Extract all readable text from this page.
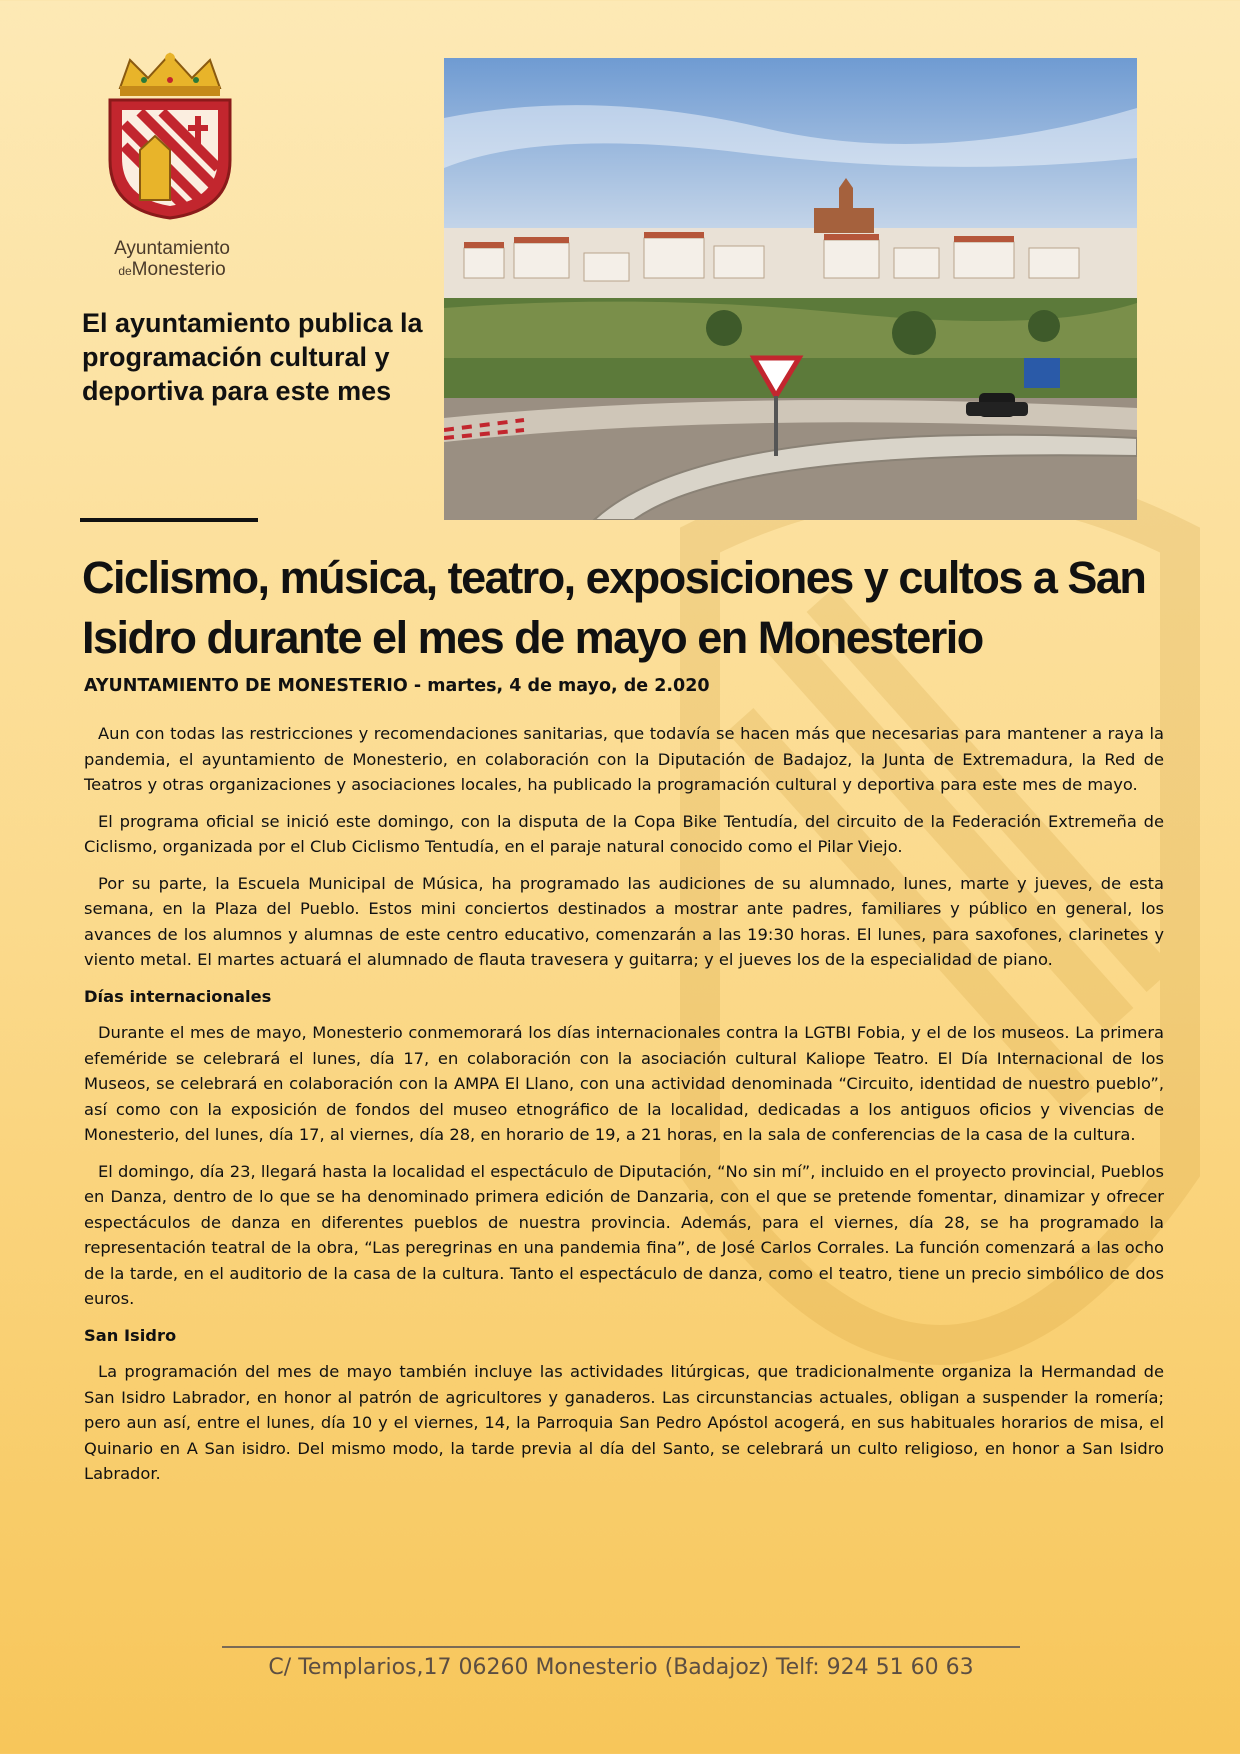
Ayuntamiento
deMonesterio
El ayuntamiento publica la programación cultural y deportiva para este mes
Ciclismo, música, teatro, exposiciones y cultos a San Isidro durante el mes de mayo en Monesterio
AYUNTAMIENTO DE MONESTERIO - martes, 4 de mayo, de 2.020

Aun con todas las restricciones y recomendaciones sanitarias, que todavía se hacen más que necesarias para mantener a raya la pandemia, el ayuntamiento de Monesterio, en colaboración con la Diputación de Badajoz, la Junta de Extremadura, la Red de Teatros y otras organizaciones y asociaciones locales, ha publicado la programación cultural y deportiva para este mes de mayo.

El programa oficial se inició este domingo, con la disputa de la Copa Bike Tentudía, del circuito de la Federación Extremeña de Ciclismo, organizada por el Club Ciclismo Tentudía, en el paraje natural conocido como el Pilar Viejo.

Por su parte, la Escuela Municipal de Música, ha programado las audiciones de su alumnado, lunes, marte y jueves, de esta semana, en la Plaza del Pueblo. Estos mini conciertos destinados a mostrar ante padres, familiares y público en general, los avances de los alumnos y alumnas de este centro educativo, comenzarán a las 19:30 horas. El lunes, para saxofones, clarinetes y viento metal. El martes actuará el alumnado de flauta travesera y guitarra; y el jueves los de la especialidad de piano.

Días internacionales

Durante el mes de mayo, Monesterio conmemorará los días internacionales contra la LGTBI Fobia, y el de los museos. La primera efeméride se celebrará el lunes, día 17, en colaboración con la asociación cultural Kaliope Teatro. El Día Internacional de los Museos, se celebrará en colaboración con la AMPA El Llano, con una actividad denominada “Circuito, identidad de nuestro pueblo”, así como con la exposición de fondos del museo etnográfico de la localidad, dedicadas a los antiguos oficios y vivencias de Monesterio, del lunes, día 17, al viernes, día 28, en horario de 19, a 21 horas, en la sala de conferencias de la casa de la cultura.

El domingo, día 23, llegará hasta la localidad el espectáculo de Diputación, “No sin mí”, incluido en el proyecto provincial, Pueblos en Danza, dentro de lo que se ha denominado primera edición de Danzaria, con el que se pretende fomentar, dinamizar y ofrecer espectáculos de danza en diferentes pueblos de nuestra provincia. Además, para el viernes, día 28, se ha programado la representación teatral de la obra, “Las peregrinas en una pandemia fina”, de José Carlos Corrales. La función comenzará a las ocho de la tarde, en el auditorio de la casa de la cultura. Tanto el espectáculo de danza, como el teatro, tiene un precio simbólico de dos euros.

San Isidro

La programación del mes de mayo también incluye las actividades litúrgicas, que tradicionalmente organiza la Hermandad de San Isidro Labrador, en honor al patrón de agricultores y ganaderos. Las circunstancias actuales, obligan a suspender la romería; pero aun así, entre el lunes, día 10 y el viernes, 14, la Parroquia San Pedro Apóstol acogerá, en sus habituales horarios de misa, el Quinario en A San isidro. Del mismo modo, la tarde previa al día del Santo, se celebrará un culto religioso, en honor a San Isidro Labrador.

C/ Templarios,17 06260 Monesterio (Badajoz) Telf: 924 51 60 63
